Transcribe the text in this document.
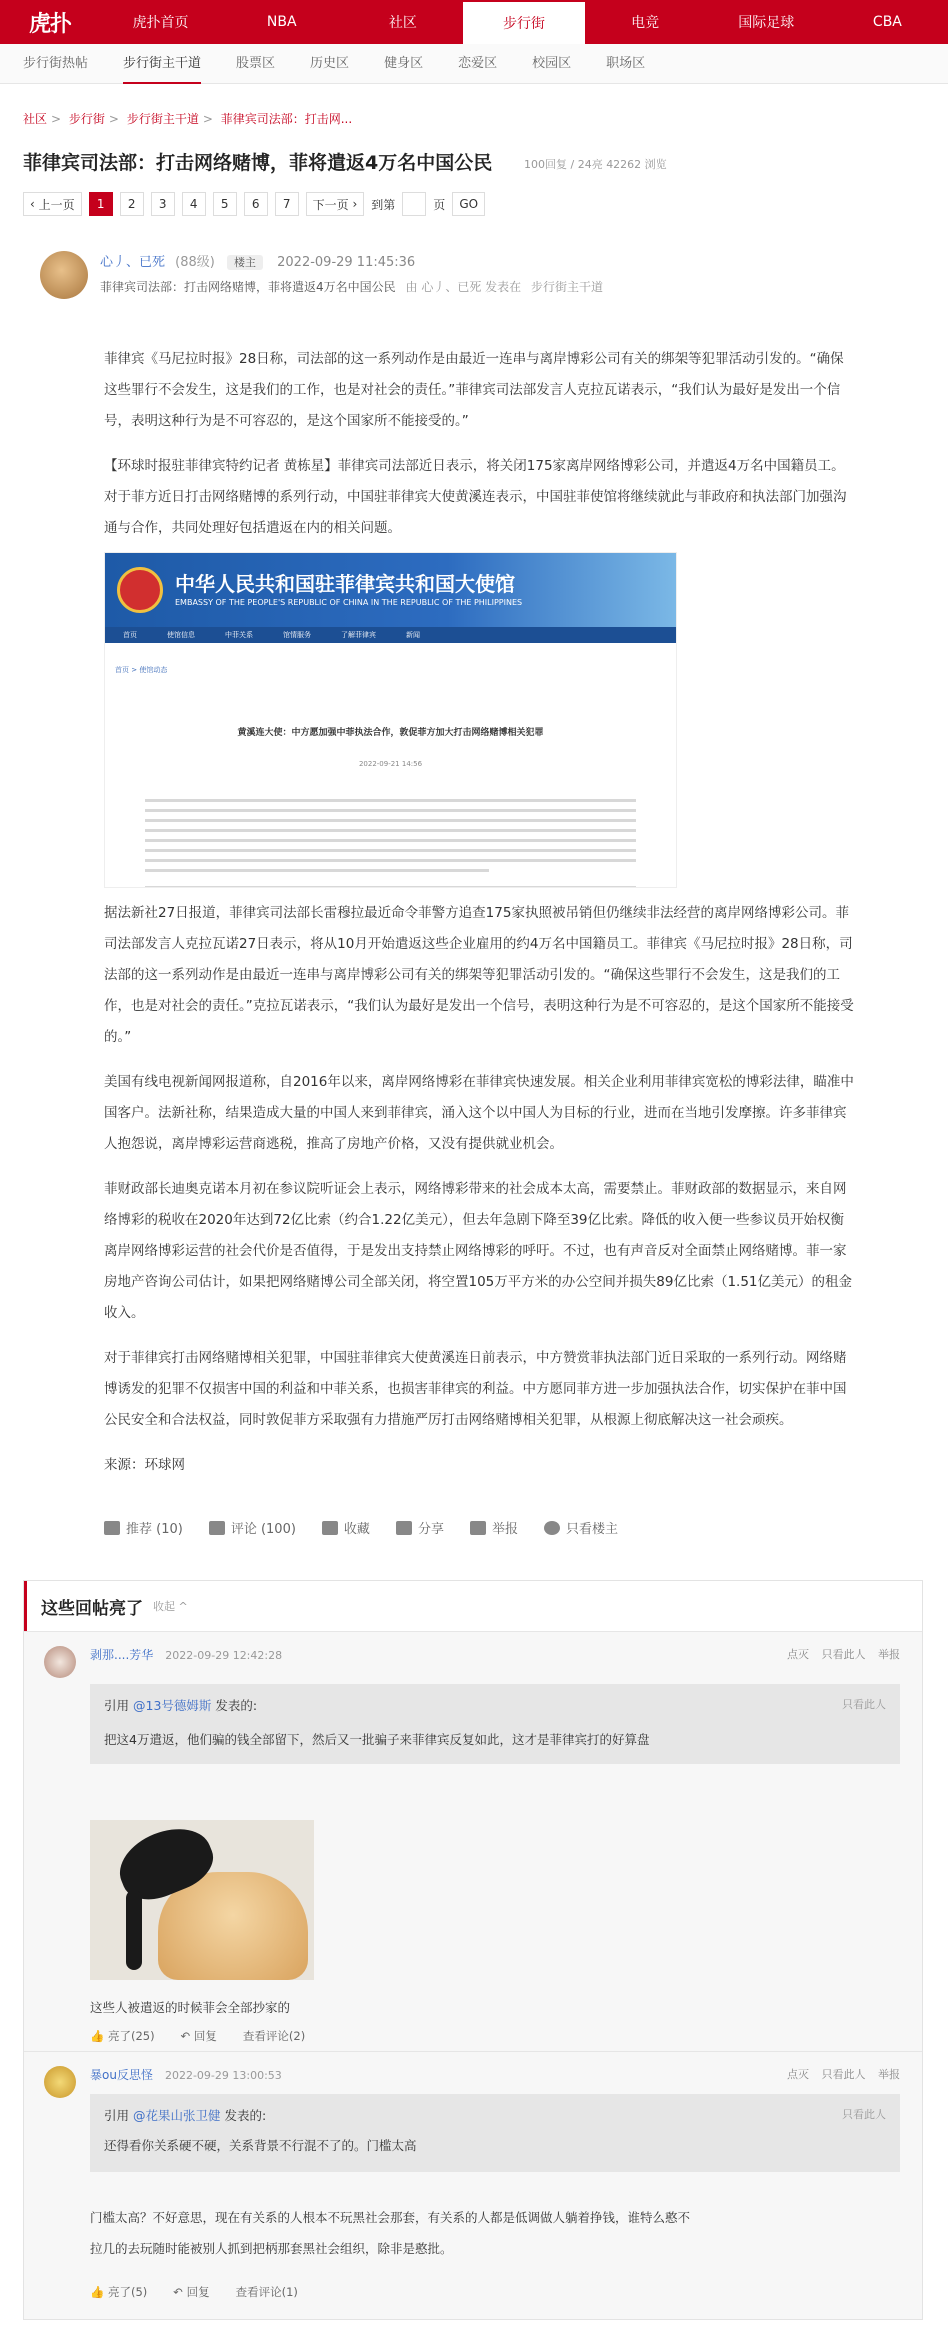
虎扑	虎扑首页	NBA	社区	步行街	电竞	国际足球	CBA
步行街热帖	步行街主干道	股票区	历史区	健身区	恋爱区	校园区	职场区
社区 > 步行街 > 步行街主干道 > 菲律宾司法部：打击网...
菲律宾司法部：打击网络赌博，菲将遣返4万名中国公民	100回复 / 24亮 42262 浏览
‹ 上一页	1	2	3	4	5	6	7	下一页 ›	到第	页	GO
心丿、已死 (88级) 楼主 2022-09-29 11:45:36
菲律宾司法部：打击网络赌博，菲将遣返4万名中国公民 由 心丿、已死 发表在 步行街主干道

菲律宾《马尼拉时报》28日称，司法部的这一系列动作是由最近一连串与离岸博彩公司有关的绑架等犯罪活动引发的。“确保这些罪行不会发生，这是我们的工作，也是对社会的责任。”菲律宾司法部发言人克拉瓦诺表示，“我们认为最好是发出一个信号，表明这种行为是不可容忍的，是这个国家所不能接受的。”

【环球时报驻菲律宾特约记者 黄栋星】菲律宾司法部近日表示，将关闭175家离岸网络博彩公司，并遣返4万名中国籍员工。对于菲方近日打击网络赌博的系列行动，中国驻菲律宾大使黄溪连表示，中国驻菲使馆将继续就此与菲政府和执法部门加强沟通与合作，共同处理好包括遣返在内的相关问题。

中华人民共和国驻菲律宾共和国大使馆
EMBASSY OF THE PEOPLE'S REPUBLIC OF CHINA IN THE REPUBLIC OF THE PHILIPPINES
首页	使馆信息	中菲关系	馆情服务	了解菲律宾	新闻
首页 > 使馆动态
黄溪连大使：中方愿加强中菲执法合作，敦促菲方加大打击网络赌博相关犯罪
2022-09-21 14:56

据法新社27日报道，菲律宾司法部长雷穆拉最近命令菲警方追查175家执照被吊销但仍继续非法经营的离岸网络博彩公司。菲司法部发言人克拉瓦诺27日表示，将从10月开始遣返这些企业雇用的约4万名中国籍员工。菲律宾《马尼拉时报》28日称，司法部的这一系列动作是由最近一连串与离岸博彩公司有关的绑架等犯罪活动引发的。“确保这些罪行不会发生，这是我们的工作，也是对社会的责任。”克拉瓦诺表示，“我们认为最好是发出一个信号，表明这种行为是不可容忍的，是这个国家所不能接受的。”

美国有线电视新闻网报道称，自2016年以来，离岸网络博彩在菲律宾快速发展。相关企业利用菲律宾宽松的博彩法律，瞄准中国客户。法新社称，结果造成大量的中国人来到菲律宾，涌入这个以中国人为目标的行业，进而在当地引发摩擦。许多菲律宾人抱怨说，离岸博彩运营商逃税，推高了房地产价格，又没有提供就业机会。

菲财政部长迪奥克诺本月初在参议院听证会上表示，网络博彩带来的社会成本太高，需要禁止。菲财政部的数据显示，来自网络博彩的税收在2020年达到72亿比索（约合1.22亿美元），但去年急剧下降至39亿比索。降低的收入便一些参议员开始权衡离岸网络博彩运营的社会代价是否值得，于是发出支持禁止网络博彩的呼吁。不过，也有声音反对全面禁止网络赌博。菲一家房地产咨询公司估计，如果把网络赌博公司全部关闭，将空置105万平方米的办公空间并损失89亿比索（1.51亿美元）的租金收入。

对于菲律宾打击网络赌博相关犯罪，中国驻菲律宾大使黄溪连日前表示，中方赞赏菲执法部门近日采取的一系列行动。网络赌博诱发的犯罪不仅损害中国的利益和中菲关系，也损害菲律宾的利益。中方愿同菲方进一步加强执法合作，切实保护在菲中国公民安全和合法权益，同时敦促菲方采取强有力措施严厉打击网络赌博相关犯罪，从根源上彻底解决这一社会顽疾。

来源：环球网

推荐 (10)	评论 (100)	收藏	分享	举报	只看楼主
这些回帖亮了 收起 ^
剥那....芳华 2022-09-29 12:42:28	点灭 只看此人 举报
引用 @13号德姆斯 发表的:	只看此人
把这4万遣返，他们骗的钱全部留下，然后又一批骗子来菲律宾反复如此，这才是菲律宾打的好算盘
这些人被遣返的时候菲会全部抄家的
👍 亮了(25) ↶ 回复 查看评论(2)
暴ou反思怪 2022-09-29 13:00:53	点灭 只看此人 举报
引用 @花果山张卫健 发表的:	只看此人
还得看你关系硬不硬，关系背景不行混不了的。门槛太高
门槛太高？不好意思，现在有关系的人根本不玩黑社会那套，有关系的人都是低调做人躺着挣钱，谁特么憨不
拉几的去玩随时能被别人抓到把柄那套黑社会组织，除非是憨批。
👍 亮了(5) ↶ 回复 查看评论(1)
